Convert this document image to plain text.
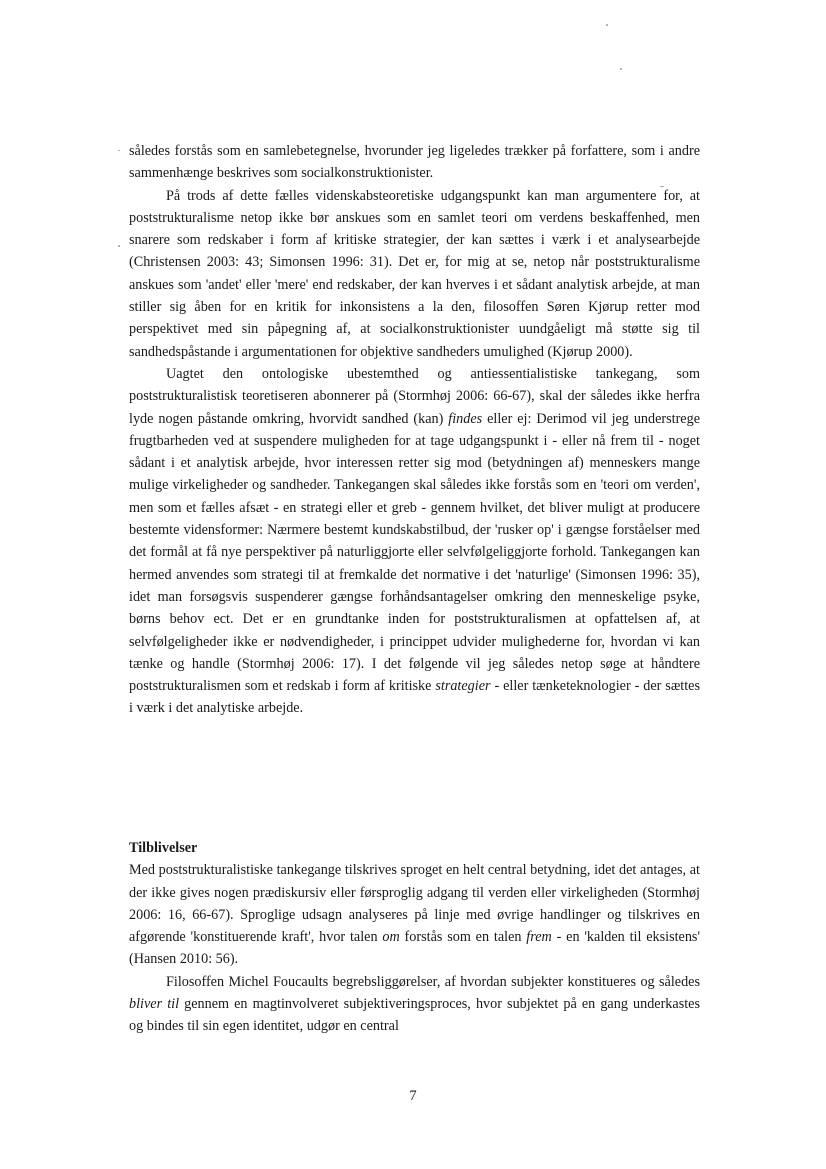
således forstås som en samlebetegnelse, hvorunder jeg ligeledes trækker på forfattere, som i andre sammenhænge beskrives som socialkonstruktionister.

På trods af dette fælles videnskabsteoretiske udgangspunkt kan man argumentere for, at poststrukturalisme netop ikke bør anskues som en samlet teori om verdens beskaffenhed, men snarere som redskaber i form af kritiske strategier, der kan sættes i værk i et analysearbejde (Christensen 2003: 43; Simonsen 1996: 31). Det er, for mig at se, netop når poststrukturalisme anskues som 'andet' eller 'mere' end redskaber, der kan hverves i et sådant analytisk arbejde, at man stiller sig åben for en kritik for inkonsistens a la den, filosoffen Søren Kjørup retter mod perspektivet med sin påpegning af, at socialkonstruktionister uundgåeligt må støtte sig til sandhedspåstande i argumentationen for objektive sandheders umulighed (Kjørup 2000).

Uagtet den ontologiske ubestemthed og antiessentialistiske tankegang, som poststrukturalistisk teoretiseren abonnerer på (Stormhøj 2006: 66-67), skal der således ikke herfra lyde nogen påstande omkring, hvorvidt sandhed (kan) findes eller ej: Derimod vil jeg understrege frugtbarheden ved at suspendere muligheden for at tage udgangspunkt i - eller nå frem til - noget sådant i et analytisk arbejde, hvor interessen retter sig mod (betydningen af) menneskers mange mulige virkeligheder og sandheder. Tankegangen skal således ikke forstås som en 'teori om verden', men som et fælles afsæt - en strategi eller et greb - gennem hvilket, det bliver muligt at producere bestemte vidensformer: Nærmere bestemt kundskabstilbud, der 'rusker op' i gængse forståelser med det formål at få nye perspektiver på naturliggjorte eller selvfølgeliggjorte forhold. Tankegangen kan hermed anvendes som strategi til at fremkalde det normative i det 'naturlige' (Simonsen 1996: 35), idet man forsøgsvis suspenderer gængse forhåndsantagelser omkring den menneskelige psyke, børns behov ect. Det er en grundtanke inden for poststrukturalismen at opfattelsen af, at selvfølgeligheder ikke er nødvendigheder, i princippet udvider mulighederne for, hvordan vi kan tænke og handle (Stormhøj 2006: 17). I det følgende vil jeg således netop søge at håndtere poststrukturalismen som et redskab i form af kritiske strategier - eller tænketeknologier - der sættes i værk i det analytiske arbejde.

Tilblivelser

Med poststrukturalistiske tankegange tilskrives sproget en helt central betydning, idet det antages, at der ikke gives nogen prædiskursiv eller førsproglig adgang til verden eller virkeligheden (Stormhøj 2006: 16, 66-67). Sproglige udsagn analyseres på linje med øvrige handlinger og tilskrives en afgørende 'konstituerende kraft', hvor talen om forstås som en talen frem - en 'kalden til eksistens' (Hansen 2010: 56).

Filosoffen Michel Foucaults begrebsliggørelser, af hvordan subjekter konstitueres og således bliver til gennem en magtinvolveret subjektiveringsproces, hvor subjektet på en gang underkastes og bindes til sin egen identitet, udgør en central

7
